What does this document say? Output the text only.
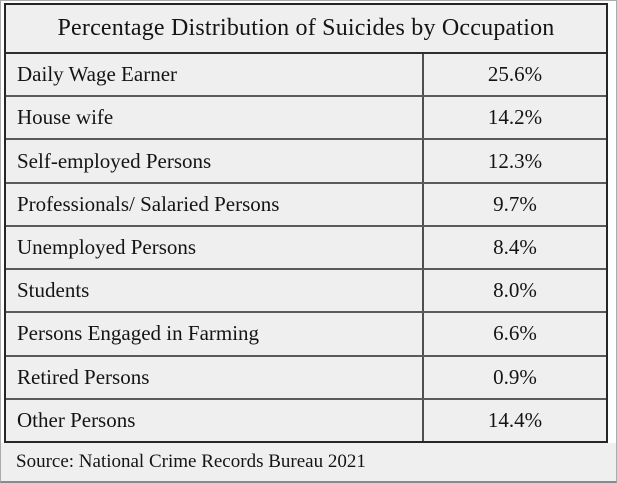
Percentage Distribution of Suicides by Occupation
Daily Wage Earner	25.6%
House wife	14.2%
Self-employed Persons	12.3%
Professionals/ Salaried Persons	9.7%
Unemployed Persons	8.4%
Students	8.0%
Persons Engaged in Farming	6.6%
Retired Persons	0.9%
Other Persons	14.4%
Source: National Crime Records Bureau 2021
